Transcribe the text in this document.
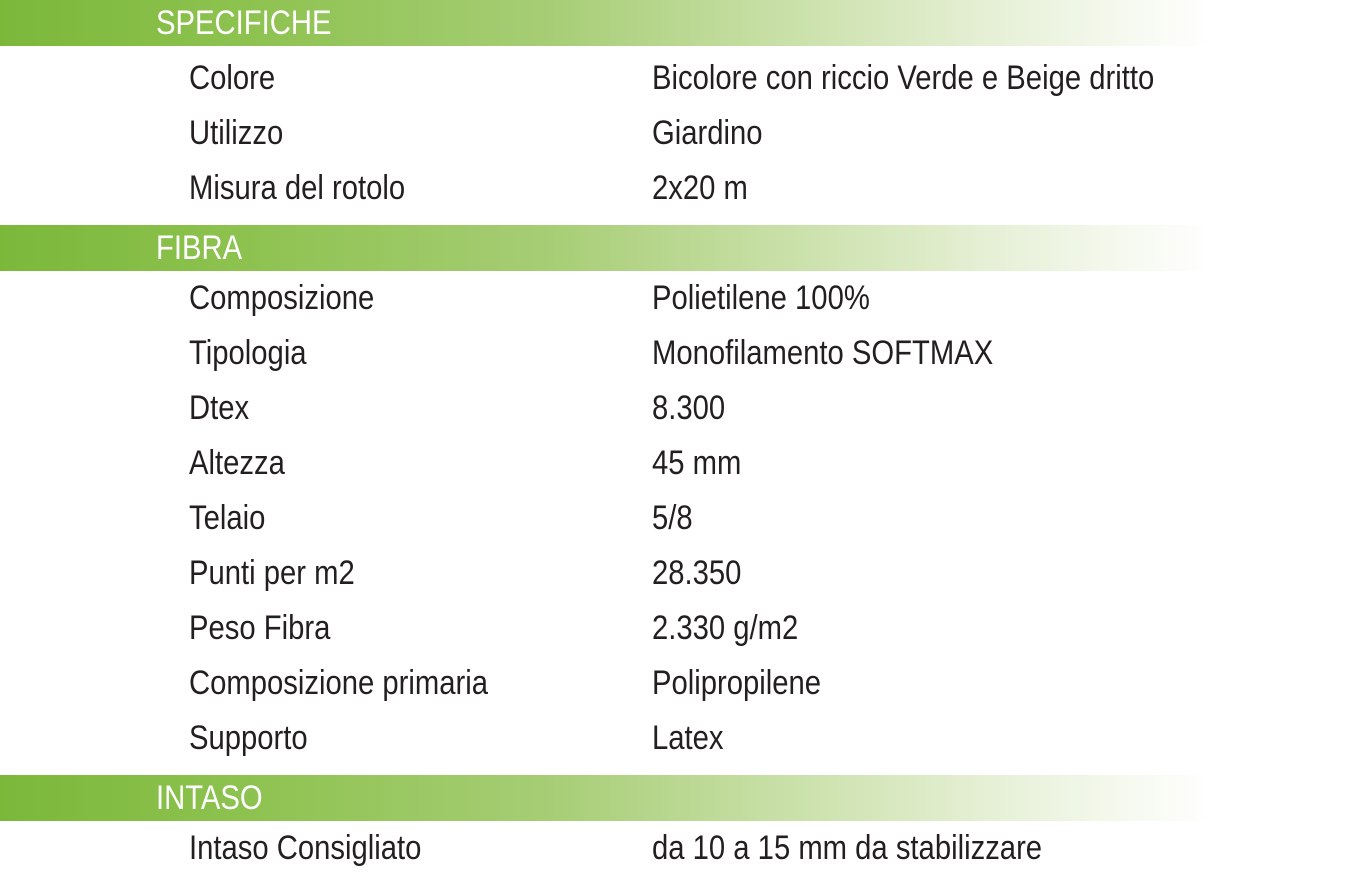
SPECIFICHE
Colore	Bicolore con riccio Verde e Beige dritto
Utilizzo	Giardino
Misura del rotolo	2x20 m
FIBRA
Composizione	Polietilene 100%
Tipologia	Monofilamento SOFTMAX
Dtex	8.300
Altezza	45 mm
Telaio	5/8
Punti per m2	28.350
Peso Fibra	2.330 g/m2
Composizione primaria	Polipropilene
Supporto	Latex
INTASO
Intaso Consigliato	da 10 a 15 mm da stabilizzare
